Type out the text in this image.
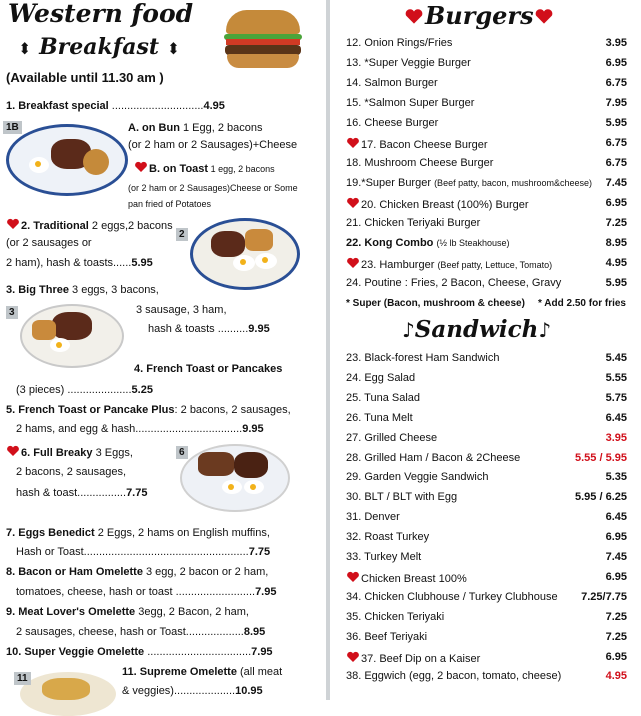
Western food
⬍ Breakfast ⬍
(Available until 11.30 am )
1. Breakfast special ..............................4.95
1B	A. on Bun 1 Egg, 2 bacons
(or 2 ham or 2 Sausages)+Cheese
B. on Toast 1 egg, 2 bacons
(or 2 ham or 2 Sausages)Cheese or Some
pan fried of Potatoes
2. Traditional 2 eggs,2 bacons
(or 2 sausages or
2 ham), hash & toasts......5.95
2
3. Big Three 3 eggs, 3 bacons,
3 sausage, 3 ham,
hash & toasts ..........9.95
3
4. French Toast or Pancakes
(3 pieces) .....................5.25
5. French Toast or Pancake Plus: 2 bacons, 2 sausages,
2 hams, and egg & hash...................................9.95
6. Full Breaky 3 Eggs,
2 bacons, 2 sausages,
hash & toast................7.75
6
7. Eggs Benedict 2 Eggs, 2 hams on English muffins,
Hash or Toast......................................................7.75
8. Bacon or Ham Omelette 3 egg, 2 bacon or 2 ham,
tomatoes, cheese, hash or toast ..........................7.95
9. Meat Lover's Omelette 3egg, 2 Bacon, 2 ham,
2 sausages, cheese, hash or Toast...................8.95
10. Super Veggie Omelette ..................................7.95
11
11. Supreme Omelette (all meat
& veggies)....................10.95
Burgers
12. Onion Rings/Fries	3.95
13. *Super Veggie Burger	6.95
14. Salmon Burger	6.75
15. *Salmon Super Burger	7.95
16. Cheese Burger	5.95
17. Bacon Cheese Burger	6.75
18. Mushroom Cheese Burger	6.75
19.*Super Burger (Beef patty, bacon, mushroom&cheese) 7.45
20. Chicken Breast (100%) Burger	6.95
21. Chicken Teriyaki Burger	7.25
22. Kong Combo (½ lb Steakhouse)	8.95
23. Hamburger (Beef patty, Lettuce, Tomato)	4.95
24. Poutine : Fries, 2 Bacon, Cheese, Gravy	5.95
* Super (Bacon, mushroom & cheese) * Add 2.50 for fries
♪Sandwich♪
23. Black-forest Ham Sandwich	5.45
24. Egg Salad	5.55
25. Tuna Salad	5.75
26. Tuna Melt	6.45
27. Grilled Cheese	3.95
28. Grilled Ham / Bacon & 2Cheese	5.55 / 5.95
29. Garden Veggie Sandwich	5.35
30. BLT / BLT with Egg	5.95 / 6.25
31. Denver	6.45
32. Roast Turkey	6.95
33. Turkey Melt	7.45
Chicken Breast 100%	6.95
34. Chicken Clubhouse / Turkey Clubhouse 7.25/7.75
35. Chicken Teriyaki	7.25
36. Beef Teriyaki	7.25
37. Beef Dip on a Kaiser	6.95
38. Eggwich (egg, 2 bacon, tomato, cheese)	4.95
